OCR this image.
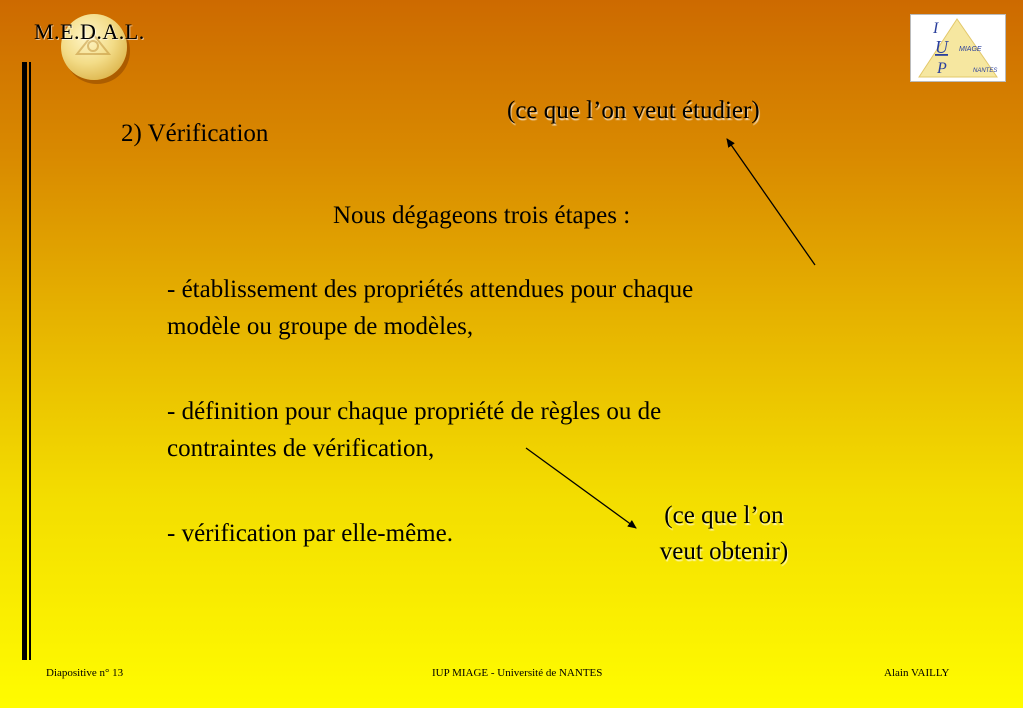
M.E.D.A.L.	I
U
P
MIAGE
NANTES
2) Vérification
(ce que l’on veut étudier)
Nous dégageons trois étapes :
- établissement des propriétés attendues pour chaque
modèle ou groupe de modèles,
- définition pour chaque propriété de règles ou de
contraintes de vérification,
- vérification par elle-même.
(ce que l’on
veut obtenir)
Diapositive n° 13	IUP MIAGE - Université de NANTES	Alain VAILLY
